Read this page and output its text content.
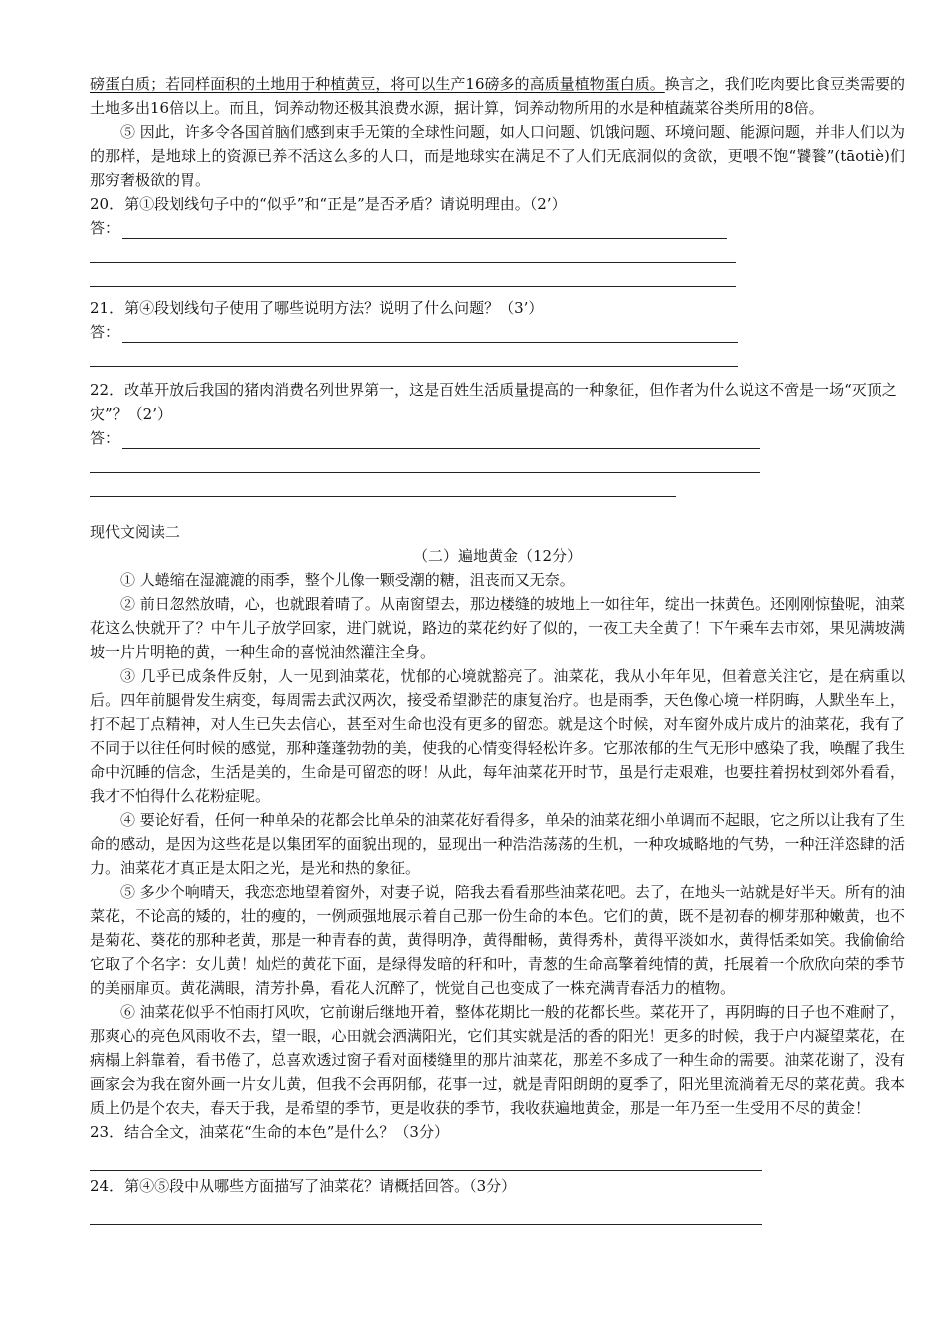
磅蛋白质；若同样面积的土地用于种植黄豆，将可以生产16磅多的高质量植物蛋白质。换言之，我们吃肉要比食豆类需要的土地多出16倍以上。而且，饲养动物还极其浪费水源，据计算，饲养动物所用的水是种植蔬菜谷类所用的8倍。

⑤ 因此，许多令各国首脑们感到束手无策的全球性问题，如人口问题、饥饿问题、环境问题、能源问题，并非人们以为的那样，是地球上的资源已养不活这么多的人口，而是地球实在满足不了人们无底洞似的贪欲，更喂不饱“饕餮”(tāotiè)们那穷奢极欲的胃。

20．第①段划线句子中的“似乎”和“正是”是否矛盾？请说明理由。（2’）

答：

21．第④段划线句子使用了哪些说明方法？说明了什么问题？（3’）

答：

22．改革开放后我国的猪肉消费名列世界第一，这是百姓生活质量提高的一种象征，但作者为什么说这不啻是一场“灭顶之灾”？（2’）

答：

现代文阅读二

（二）遍地黄金（12分）

① 人蜷缩在湿漉漉的雨季，整个儿像一颗受潮的糖，沮丧而又无奈。

② 前日忽然放晴，心，也就跟着晴了。从南窗望去，那边楼缝的坡地上一如往年，绽出一抹黄色。还刚刚惊蛰呢，油菜花这么快就开了？中午儿子放学回家，进门就说，路边的菜花约好了似的，一夜工夫全黄了！下午乘车去市郊，果见满坡满坡一片片明艳的黄，一种生命的喜悦油然灌注全身。

③ 几乎已成条件反射，人一见到油菜花，忧郁的心境就豁亮了。油菜花，我从小年年见，但着意关注它，是在病重以后。四年前腿骨发生病变，每周需去武汉两次，接受希望渺茫的康复治疗。也是雨季，天色像心境一样阴晦，人默坐车上，打不起丁点精神，对人生已失去信心，甚至对生命也没有更多的留恋。就是这个时候，对车窗外成片成片的油菜花，我有了不同于以往任何时候的感觉，那种蓬蓬勃勃的美，使我的心情变得轻松许多。它那浓郁的生气无形中感染了我，唤醒了我生命中沉睡的信念，生活是美的，生命是可留恋的呀！从此，每年油菜花开时节，虽是行走艰难，也要拄着拐杖到郊外看看，我才不怕得什么花粉症呢。

④ 要论好看，任何一种单朵的花都会比单朵的油菜花好看得多，单朵的油菜花细小单调而不起眼，它之所以让我有了生命的感动，是因为这些花是以集团军的面貌出现的，显现出一种浩浩荡荡的生机，一种攻城略地的气势，一种汪洋恣肆的活力。油菜花才真正是太阳之光，是光和热的象征。

⑤ 多少个响晴天，我恋恋地望着窗外，对妻子说，陪我去看看那些油菜花吧。去了，在地头一站就是好半天。所有的油菜花，不论高的矮的，壮的瘦的，一例顽强地展示着自己那一份生命的本色。它们的黄，既不是初春的柳芽那种嫩黄，也不是菊花、葵花的那种老黄，那是一种青春的黄，黄得明净，黄得酣畅，黄得秀朴，黄得平淡如水，黄得恬柔如笑。我偷偷给它取了个名字：女儿黄！灿烂的黄花下面，是绿得发暗的秆和叶，青葱的生命高擎着纯情的黄，托展着一个欣欣向荣的季节的美丽扉页。黄花满眼，清芳扑鼻，看花人沉醉了，恍觉自己也变成了一株充满青春活力的植物。

⑥ 油菜花似乎不怕雨打风吹，它前谢后继地开着，整体花期比一般的花都长些。菜花开了，再阴晦的日子也不难耐了，那爽心的亮色风雨收不去，望一眼，心田就会洒满阳光，它们其实就是活的香的阳光！更多的时候，我于户内凝望菜花，在病榻上斜靠着，看书倦了，总喜欢透过窗子看对面楼缝里的那片油菜花，那差不多成了一种生命的需要。油菜花谢了，没有画家会为我在窗外画一片女儿黄，但我不会再阴郁，花事一过，就是青阳朗朗的夏季了，阳光里流淌着无尽的菜花黄。我本质上仍是个农夫，春天于我，是希望的季节，更是收获的季节，我收获遍地黄金，那是一年乃至一生受用不尽的黄金！

23．结合全文，油菜花“生命的本色”是什么？（3分）

24．第④⑤段中从哪些方面描写了油菜花？请概括回答。（3分）
